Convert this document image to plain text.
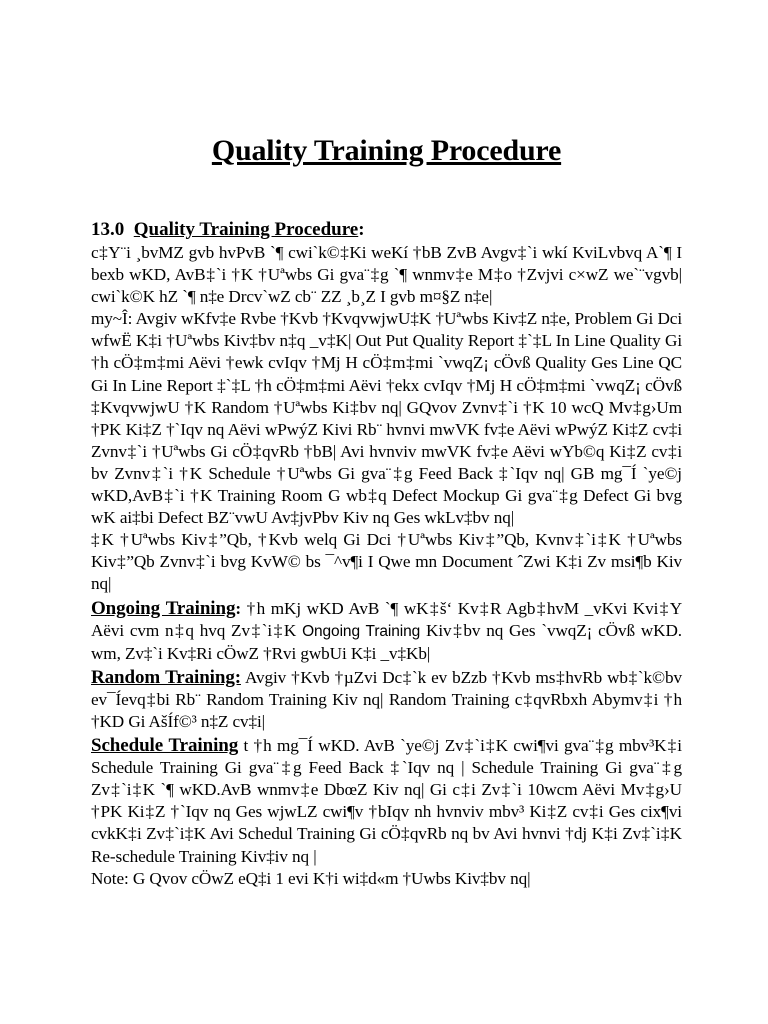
Quality Training Procedure
13.0 Quality Training Procedure:

c‡Y¨i ¸bvMZ gvb hvPvB `¶ cwi`k©‡Ki weKí †bB ZvB Avgv‡`i wkí KviLvbvq A`¶ I bexb wKD, AvB‡`i †K †Uªwbs Gi gva¨‡g `¶ wnmv‡e M‡o †Zvjvi c×wZ we`¨vgvb| cwi`k©K hZ `¶ n‡e Drcv`wZ cb¨ ZZ ¸b¸Z I gvb m¤§Z n‡e|

my~Î: Avgiv wKfv‡e Rvbe †Kvb †KvqvwjwU‡K †Uªwbs Kiv‡Z n‡e, Problem Gi Dci wfwË K‡i †Uªwbs Kiv‡bv n‡q _v‡K| Out Put Quality Report ‡`‡L In Line Quality Gi †h cÖ‡m‡mi Aëvi †ewk cvIqv †Mj H cÖ‡m‡mi `vwqZ¡ cÖvß Quality Ges Line QC Gi In Line Report ‡`‡L †h cÖ‡m‡mi Aëvi †ekx cvIqv †Mj H cÖ‡m‡mi `vwqZ¡ cÖvß ‡KvqvwjwU †K Random †Uªwbs Ki‡bv nq| GQvov Zvnv‡`i †K 10 wcQ Mv‡g›Um †PK Ki‡Z †`Iqv nq Aëvi wPwýZ Kivi Rb¨ hvnvi mwVK fv‡e Aëvi wPwýZ Ki‡Z cv‡i Zvnv‡`i †Uªwbs Gi cÖ‡qvRb †bB| Avi hvnviv mwVK fv‡e Aëvi wYb©q Ki‡Z cv‡i bv Zvnv‡`i †K Schedule †Uªwbs Gi gva¨‡g Feed Back ‡`Iqv nq| GB mg¯Í `ye©j wKD,AvB‡`i †K Training Room G wb‡q Defect Mockup Gi gva¨‡g Defect Gi bvg wK ai‡bi Defect BZ¨vwU Av‡jvPbv Kiv nq Ges wkLv‡bv nq|

‡K †Uªwbs Kiv‡”Qb, †Kvb welq Gi Dci †Uªwbs Kiv‡”Qb, Kvnv‡`i‡K †Uªwbs Kiv‡”Qb Zvnv‡`i bvg KvW© bs ¯^v¶i I Qwe mn Document ˆZwi K‡i Zv msi¶b Kiv nq|

Ongoing Training: †h mKj wKD AvB `¶ wK‡š‘ Kv‡R Agb‡hvM _vKvi Kvi‡Y Aëvi cvm n‡q hvq Zv‡`i‡K Ongoing Training Kiv‡bv nq Ges `vwqZ¡ cÖvß wKD. wm, Zv‡`i Kv‡Ri cÖwZ †Rvi gwbUi K‡i _v‡Kb|

Random Training: Avgiv †Kvb †µZvi Dc‡`k ev bZzb †Kvb ms‡hvRb wb‡`k©bv ev¯Íevq‡bi Rb¨ Random Training Kiv nq| Random Training c‡qvRbxh Abymv‡i †h †KD Gi AšÍf©³ n‡Z cv‡i|

Schedule Training t †h mg¯Í wKD. AvB `ye©j Zv‡`i‡K cwi¶vi gva¨‡g mbv³K‡i Schedule Training Gi gva¨‡g Feed Back ‡`Iqv nq | Schedule Training Gi gva¨‡g Zv‡`i‡K `¶ wKD.AvB wnmv‡e DbœZ Kiv nq| Gi c‡i Zv‡`i 10wcm Aëvi Mv‡g›U †PK Ki‡Z †`Iqv nq Ges wjwLZ cwi¶v †bIqv nh hvnviv mbv³ Ki‡Z cv‡i Ges cix¶vi cvkK‡i Zv‡`i‡K Avi Schedul Training Gi cÖ‡qvRb nq bv Avi hvnvi †dj K‡i Zv‡`i‡K Re-schedule Training Kiv‡iv nq |

Note: G Qvov cÖwZ eQ‡i 1 evi K†i wi‡d«m †Uwbs Kiv‡bv nq|
